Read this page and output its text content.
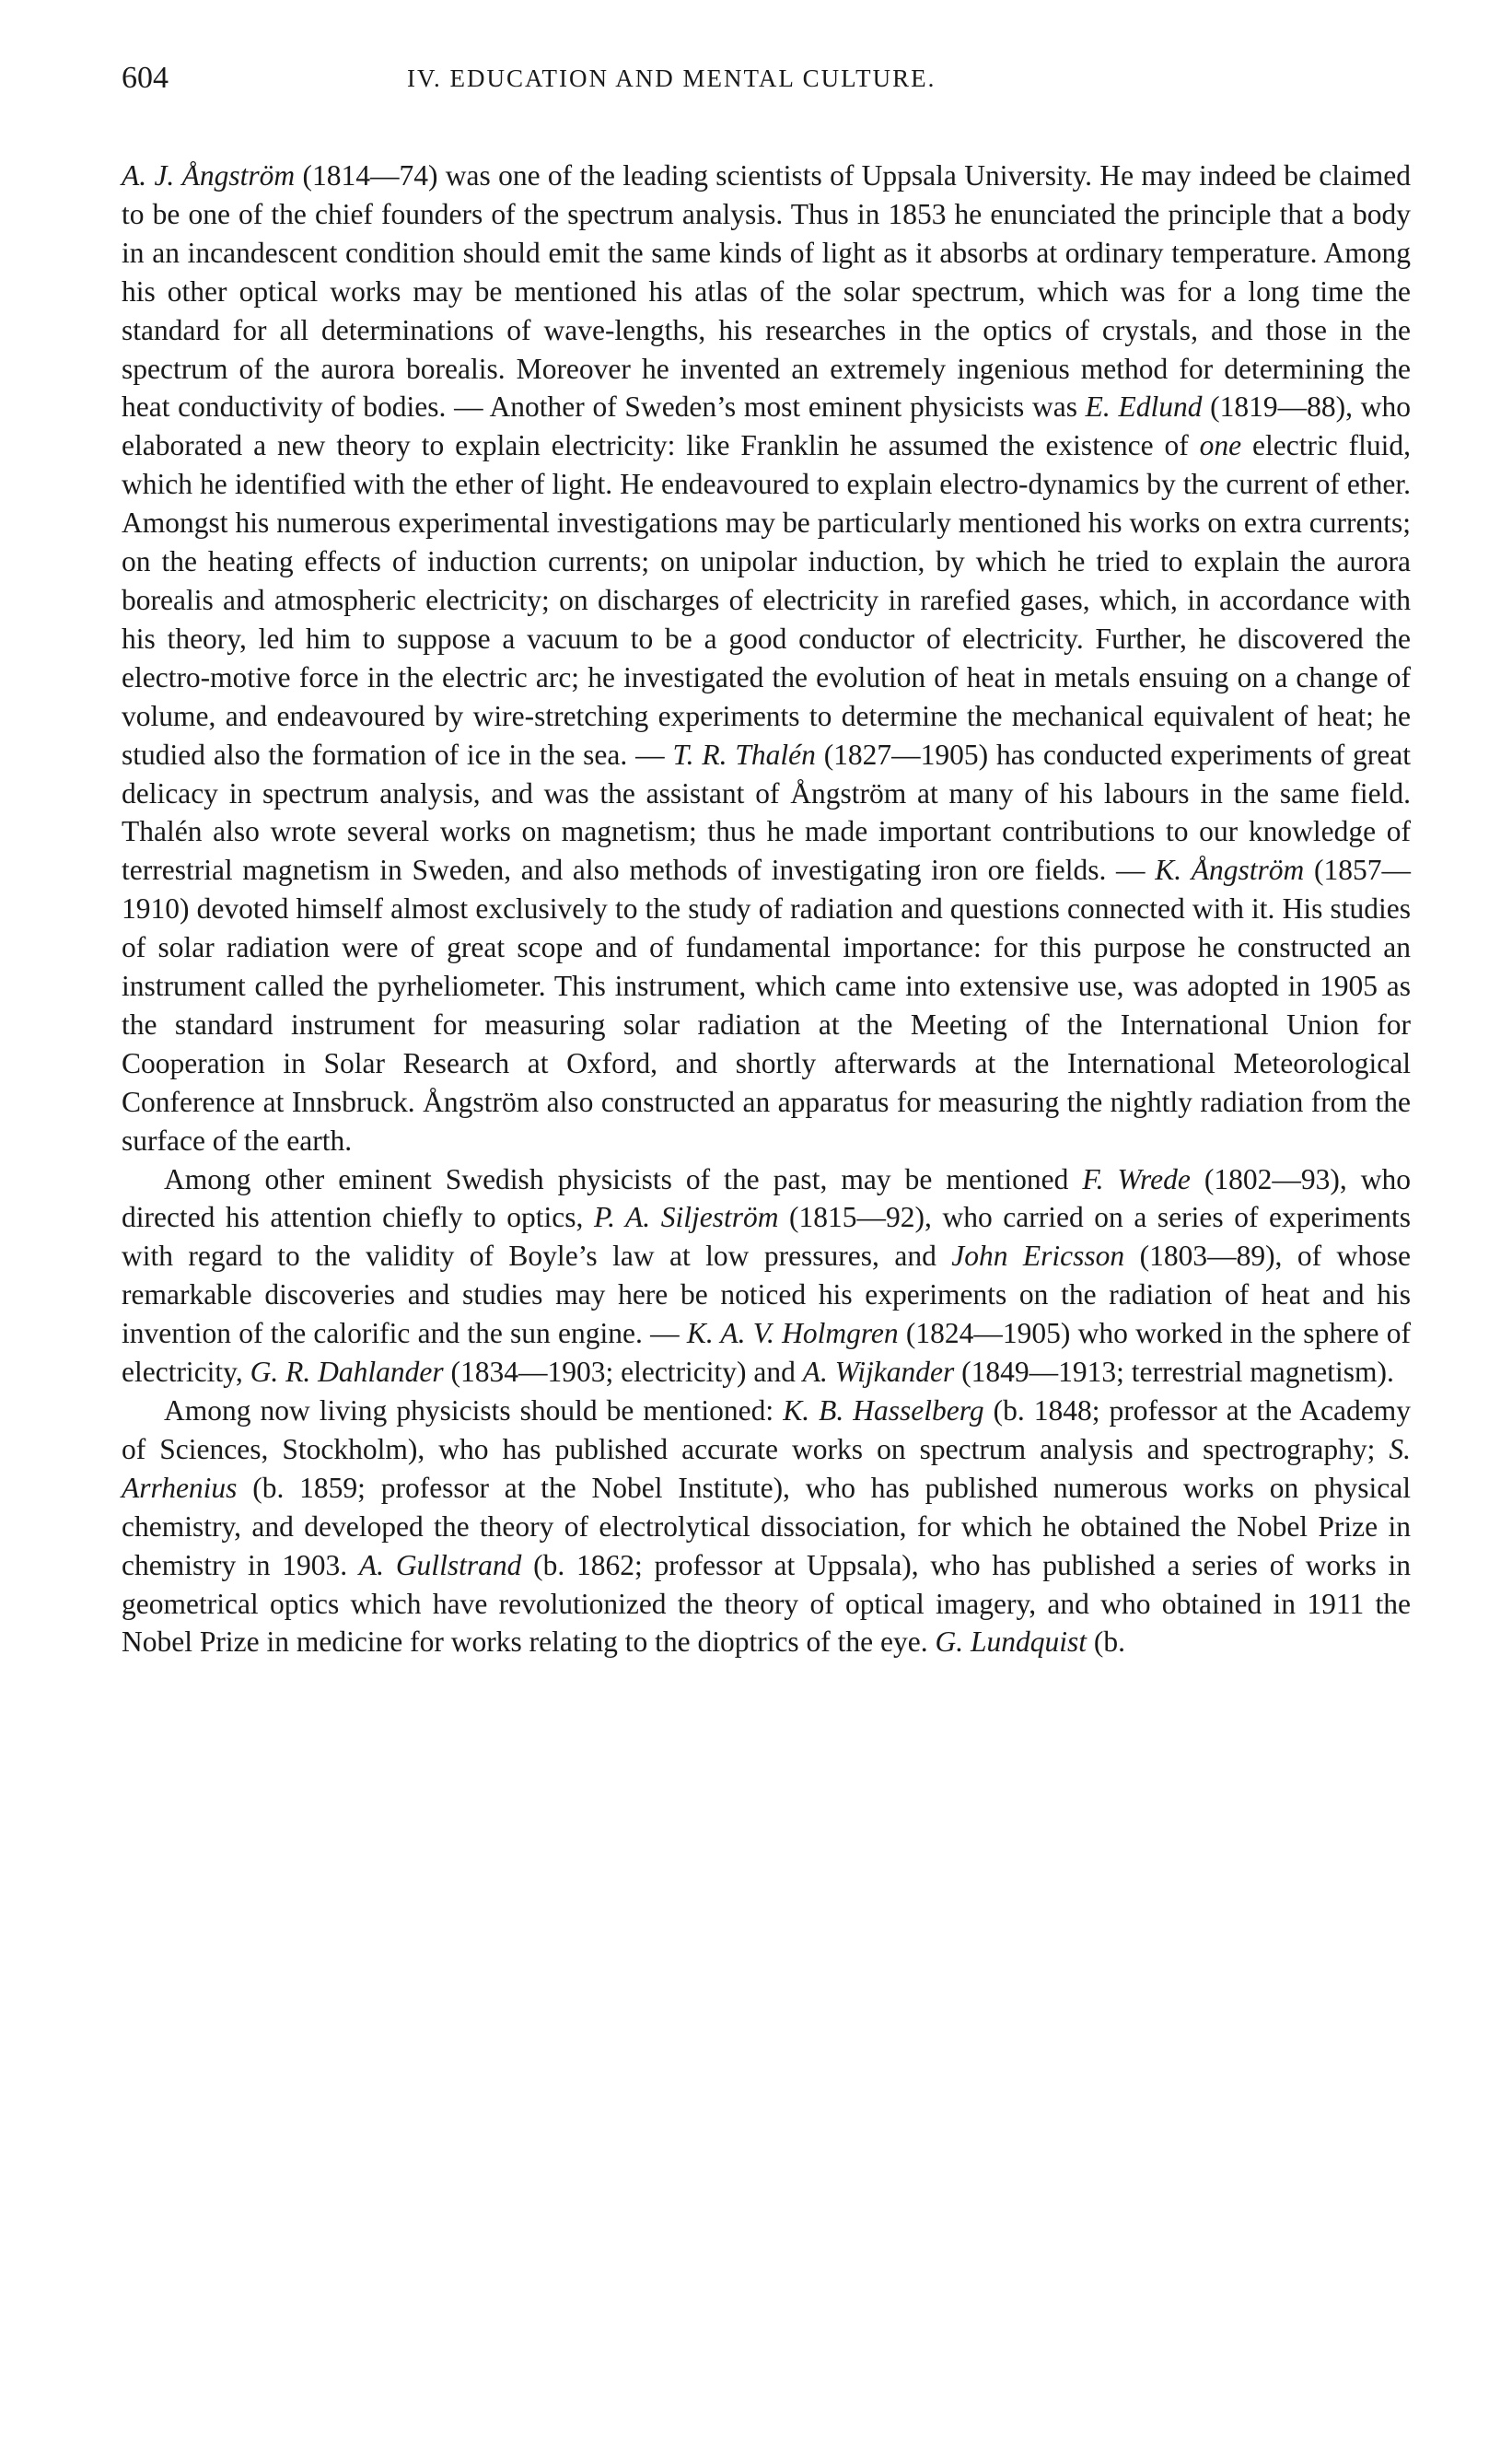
604	IV. EDUCATION AND MENTAL CULTURE.

A. J. Ångström (1814—74) was one of the leading scientists of Uppsala University. He may indeed be claimed to be one of the chief founders of the spectrum analysis. Thus in 1853 he enunciated the principle that a body in an incandescent condition should emit the same kinds of light as it absorbs at ordinary temperature. Among his other optical works may be mentioned his atlas of the solar spectrum, which was for a long time the standard for all determinations of wave-lengths, his researches in the optics of crystals, and those in the spectrum of the aurora borealis. Moreover he invented an extremely ingenious method for determining the heat conductivity of bodies. — Another of Sweden’s most eminent physicists was E. Edlund (1819—88), who elaborated a new theory to explain electricity: like Franklin he assumed the existence of one electric fluid, which he identified with the ether of light. He endeavoured to explain electro-dynamics by the current of ether. Amongst his numerous experimental investigations may be particularly mentioned his works on extra currents; on the heating effects of induction currents; on unipolar induction, by which he tried to explain the aurora borealis and atmospheric electricity; on discharges of electricity in rarefied gases, which, in accordance with his theory, led him to suppose a vacuum to be a good conductor of electricity. Further, he discovered the electro-motive force in the electric arc; he investigated the evolution of heat in metals ensuing on a change of volume, and endeavoured by wire-stretching experiments to determine the mechanical equivalent of heat; he studied also the formation of ice in the sea. — T. R. Thalén (1827—1905) has conducted experiments of great delicacy in spectrum analysis, and was the assistant of Ångström at many of his labours in the same field. Thalén also wrote several works on magnetism; thus he made important contributions to our knowledge of terrestrial magnetism in Sweden, and also methods of investigating iron ore fields. — K. Ångström (1857—1910) devoted himself almost exclusively to the study of radiation and questions connected with it. His studies of solar radiation were of great scope and of fundamental importance: for this purpose he constructed an instrument called the pyrheliometer. This instrument, which came into extensive use, was adopted in 1905 as the standard instrument for measuring solar radiation at the Meeting of the International Union for Cooperation in Solar Research at Oxford, and shortly afterwards at the International Meteorological Conference at Innsbruck. Ångström also constructed an apparatus for measuring the nightly radiation from the surface of the earth.

Among other eminent Swedish physicists of the past, may be mentioned F. Wrede (1802—93), who directed his attention chiefly to optics, P. A. Siljeström (1815—92), who carried on a series of experiments with regard to the validity of Boyle’s law at low pressures, and John Ericsson (1803—89), of whose remarkable discoveries and studies may here be noticed his experiments on the radiation of heat and his invention of the calorific and the sun engine. — K. A. V. Holmgren (1824—1905) who worked in the sphere of electricity, G. R. Dahlander (1834—1903; electricity) and A. Wijkander (1849—1913; terrestrial magnetism).

Among now living physicists should be mentioned: K. B. Hasselberg (b. 1848; professor at the Academy of Sciences, Stockholm), who has published accurate works on spectrum analysis and spectrography; S. Arrhenius (b. 1859; professor at the Nobel Institute), who has published numerous works on physical chemistry, and developed the theory of electrolytical dissociation, for which he obtained the Nobel Prize in chemistry in 1903. A. Gullstrand (b. 1862; professor at Uppsala), who has published a series of works in geometrical optics which have revolutionized the theory of optical imagery, and who obtained in 1911 the Nobel Prize in medicine for works relating to the dioptrics of the eye. G. Lundquist (b.
